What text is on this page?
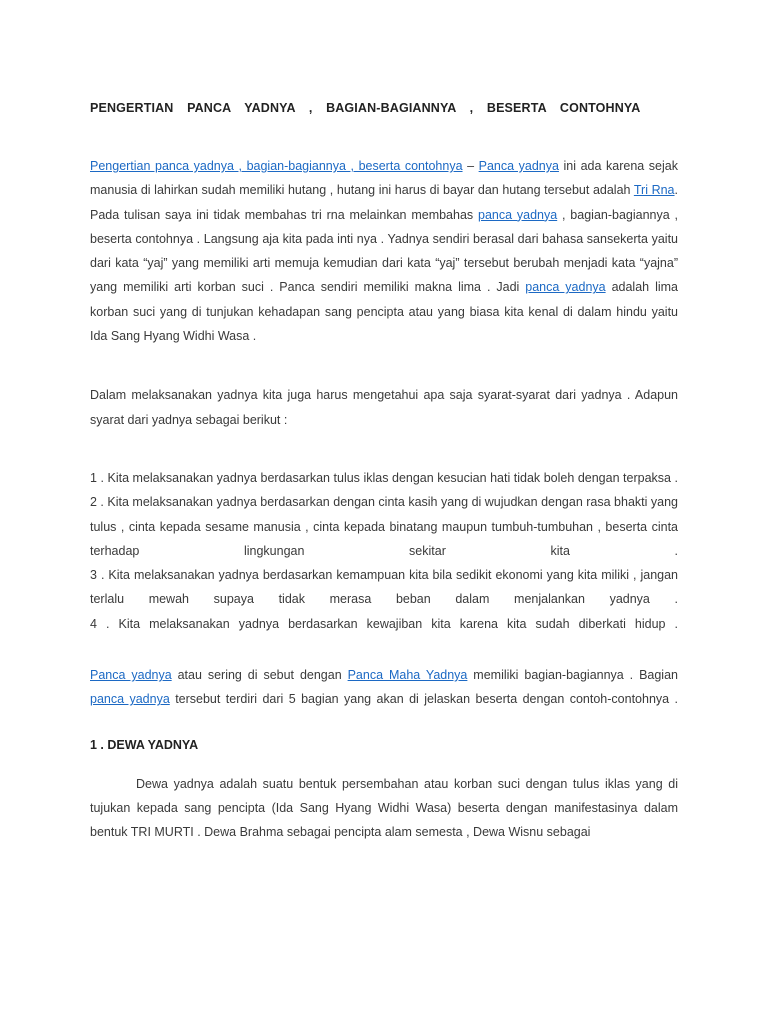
PENGERTIAN PANCA YADNYA , BAGIAN-BAGIANNYA , BESERTA CONTOHNYA

Pengertian panca yadnya , bagian-bagiannya , beserta contohnya – Panca yadnya ini ada karena sejak manusia di lahirkan sudah memiliki hutang , hutang ini harus di bayar dan hutang tersebut adalah Tri Rna. Pada tulisan saya ini tidak membahas tri rna melainkan membahas panca yadnya , bagian-bagiannya , beserta contohnya . Langsung aja kita pada inti nya . Yadnya sendiri berasal dari bahasa sansekerta yaitu dari kata “yaj” yang memiliki arti memuja kemudian dari kata “yaj” tersebut berubah menjadi kata “yajna” yang memiliki arti korban suci . Panca sendiri memiliki makna lima . Jadi panca yadnya adalah lima korban suci yang di tunjukan kehadapan sang pencipta atau yang biasa kita kenal di dalam hindu yaitu Ida Sang Hyang Widhi Wasa .

Dalam melaksanakan yadnya kita juga harus mengetahui apa saja syarat-syarat dari yadnya . Adapun syarat dari yadnya sebagai berikut :

1 . Kita melaksanakan yadnya berdasarkan tulus iklas dengan kesucian hati tidak boleh dengan terpaksa .

2 . Kita melaksanakan yadnya berdasarkan dengan cinta kasih yang di wujudkan dengan rasa bhakti yang tulus , cinta kepada sesame manusia , cinta kepada binatang maupun tumbuh-tumbuhan , beserta cinta terhadap lingkungan sekitar kita .

3 . Kita melaksanakan yadnya berdasarkan kemampuan kita bila sedikit ekonomi yang kita miliki , jangan terlalu mewah supaya tidak merasa beban dalam menjalankan yadnya .

4 . Kita melaksanakan yadnya berdasarkan kewajiban kita karena kita sudah diberkati hidup .

Panca yadnya atau sering di sebut dengan Panca Maha Yadnya memiliki bagian-bagiannya . Bagian panca yadnya tersebut terdiri dari 5 bagian yang akan di jelaskan beserta dengan contoh-contohnya .

1 . DEWA YADNYA

Dewa yadnya adalah suatu bentuk persembahan atau korban suci dengan tulus iklas yang di tujukan kepada sang pencipta (Ida Sang Hyang Widhi Wasa) beserta dengan manifestasinya dalam bentuk TRI MURTI . Dewa Brahma sebagai pencipta alam semesta , Dewa Wisnu sebagai
